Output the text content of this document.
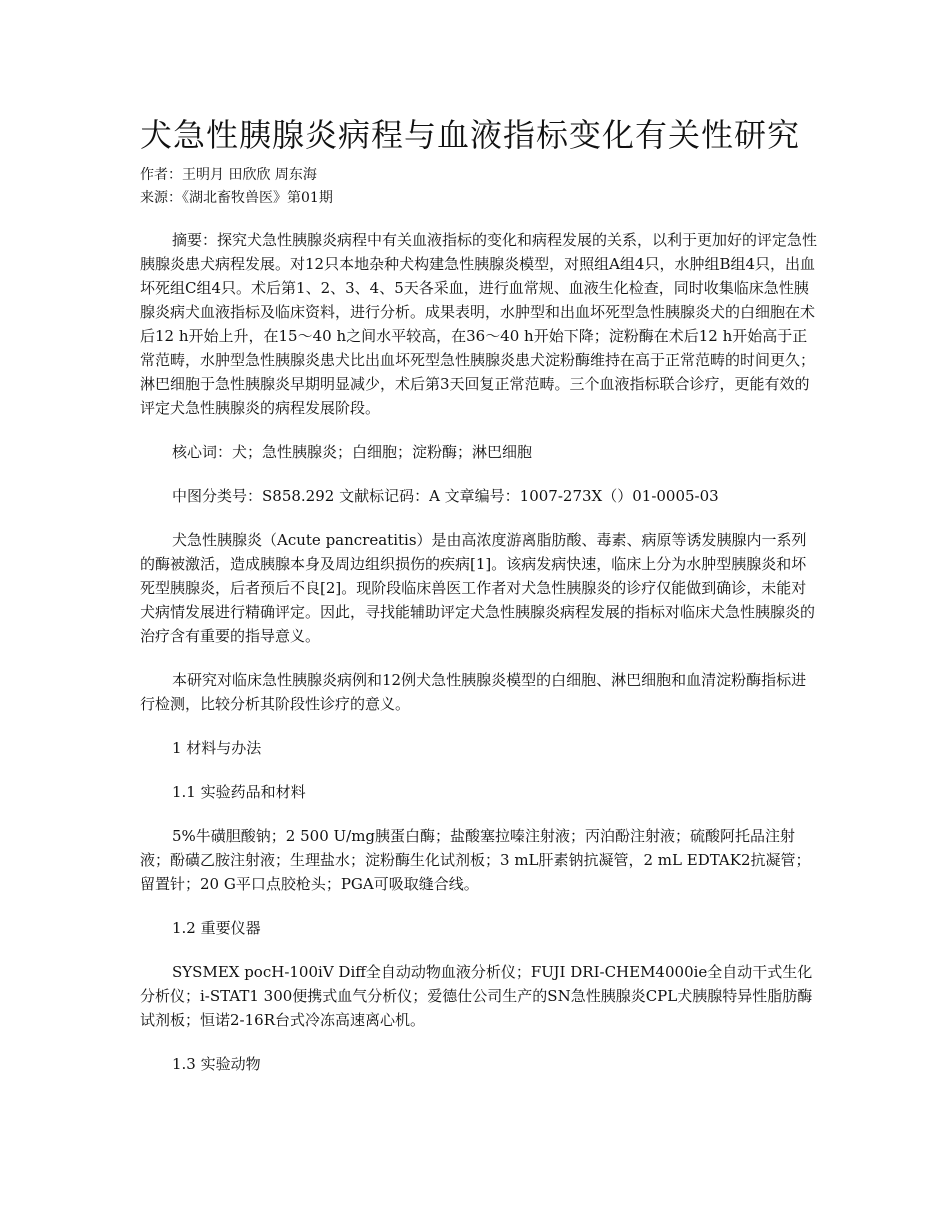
犬急性胰腺炎病程与血液指标变化有关性研究

作者：王明月 田欣欣 周东海

来源：《湖北畜牧兽医》第01期

摘要：探究犬急性胰腺炎病程中有关血液指标的变化和病程发展的关系，以利于更加好的评定急性胰腺炎患犬病程发展。对12只本地杂种犬构建急性胰腺炎模型，对照组A组4只，水肿组B组4只，出血坏死组C组4只。术后第1、2、3、4、5天各采血，进行血常规、血液生化检查，同时收集临床急性胰腺炎病犬血液指标及临床资料，进行分析。成果表明，水肿型和出血坏死型急性胰腺炎犬的白细胞在术后12 h开始上升，在15～40 h之间水平较高，在36～40 h开始下降；淀粉酶在术后12 h开始高于正常范畴，水肿型急性胰腺炎患犬比出血坏死型急性胰腺炎患犬淀粉酶维持在高于正常范畴的时间更久；淋巴细胞于急性胰腺炎早期明显减少，术后第3天回复正常范畴。三个血液指标联合诊疗，更能有效的评定犬急性胰腺炎的病程发展阶段。

核心词：犬；急性胰腺炎；白细胞；淀粉酶；淋巴细胞

中图分类号：S858.292 文献标记码：A 文章编号：1007-273X（）01-0005-03

犬急性胰腺炎（Acute pancreatitis）是由高浓度游离脂肪酸、毒素、病原等诱发胰腺内一系列的酶被激活，造成胰腺本身及周边组织损伤的疾病[1]。该病发病快速，临床上分为水肿型胰腺炎和坏死型胰腺炎，后者预后不良[2]。现阶段临床兽医工作者对犬急性胰腺炎的诊疗仅能做到确诊，未能对犬病情发展进行精确评定。因此，寻找能辅助评定犬急性胰腺炎病程发展的指标对临床犬急性胰腺炎的治疗含有重要的指导意义。

本研究对临床急性胰腺炎病例和12例犬急性胰腺炎模型的白细胞、淋巴细胞和血清淀粉酶指标进行检测，比较分析其阶段性诊疗的意义。

1 材料与办法

1.1 实验药品和材料

5%牛磺胆酸钠；2 500 U/mg胰蛋白酶；盐酸塞拉嗪注射液；丙泊酚注射液；硫酸阿托品注射液；酚磺乙胺注射液；生理盐水；淀粉酶生化试剂板；3 mL肝素钠抗凝管，2 mL EDTAK2抗凝管；留置针；20 G平口点胶枪头；PGA可吸取缝合线。

1.2 重要仪器

SYSMEX pocH-100iV Diff全自动动物血液分析仪；FUJI DRI-CHEM4000ie全自动干式生化分析仪；i-STAT1 300便携式血气分析仪；爱德仕公司生产的SN急性胰腺炎CPL犬胰腺特异性脂肪酶试剂板；恒诺2-16R台式冷冻高速离心机。

1.3 实验动物
